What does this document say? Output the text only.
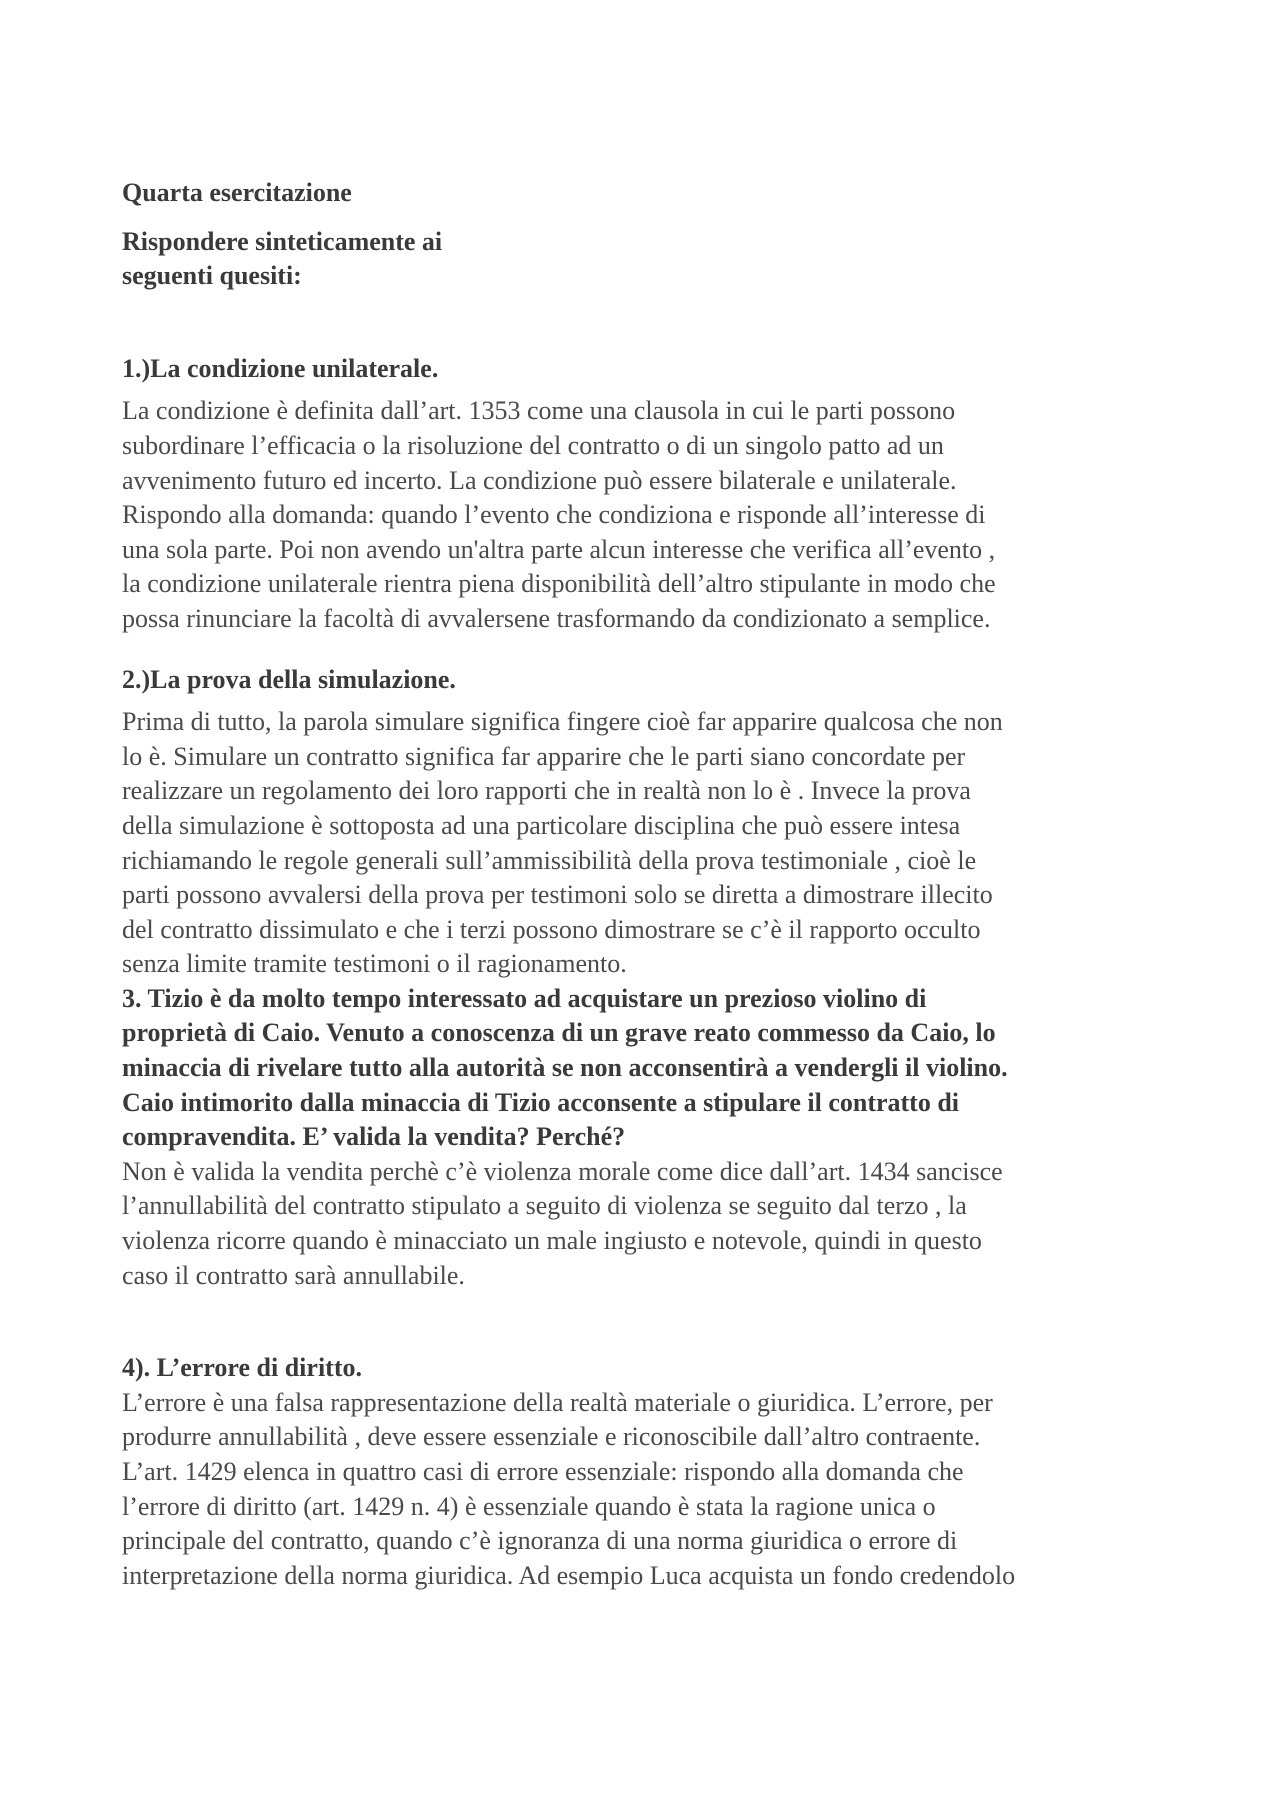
Quarta esercitazione
Rispondere sinteticamente ai
seguenti quesiti:
1.)La condizione unilaterale.
La condizione è definita dall’art. 1353 come una clausola in cui le parti possono
subordinare l’efficacia o la risoluzione del contratto o di un singolo patto ad un
avvenimento futuro ed incerto. La condizione può essere bilaterale e unilaterale.
Rispondo alla domanda: quando l’evento che condiziona e risponde all’interesse di
una sola parte. Poi non avendo un'altra parte alcun interesse che verifica all’evento ,
la condizione unilaterale rientra piena disponibilità dell’altro stipulante in modo che
possa rinunciare la facoltà di avvalersene trasformando da condizionato a semplice.
2.)La prova della simulazione.
Prima di tutto, la parola simulare significa fingere cioè far apparire qualcosa che non
lo è. Simulare un contratto significa far apparire che le parti siano concordate per
realizzare un regolamento dei loro rapporti che in realtà non lo è . Invece la prova
della simulazione è sottoposta ad una particolare disciplina che può essere intesa
richiamando le regole generali sull’ammissibilità della prova testimoniale , cioè le
parti possono avvalersi della prova per testimoni solo se diretta a dimostrare illecito
del contratto dissimulato e che i terzi possono dimostrare se c’è il rapporto occulto
senza limite tramite testimoni o il ragionamento.
3. Tizio è da molto tempo interessato ad acquistare un prezioso violino di
proprietà di Caio. Venuto a conoscenza di un grave reato commesso da Caio, lo
minaccia di rivelare tutto alla autorità se non acconsentirà a vendergli il violino.
Caio intimorito dalla minaccia di Tizio acconsente a stipulare il contratto di
compravendita. E’ valida la vendita? Perché?
Non è valida la vendita perchè c’è violenza morale come dice dall’art. 1434 sancisce
l’annullabilità del contratto stipulato a seguito di violenza se seguito dal terzo , la
violenza ricorre quando è minacciato un male ingiusto e notevole, quindi in questo
caso il contratto sarà annullabile.
4). L’errore di diritto.
L’errore è una falsa rappresentazione della realtà materiale o giuridica. L’errore, per
produrre annullabilità , deve essere essenziale e riconoscibile dall’altro contraente.
L’art. 1429 elenca in quattro casi di errore essenziale: rispondo alla domanda che
l’errore di diritto (art. 1429 n. 4) è essenziale quando è stata la ragione unica o
principale del contratto, quando c’è ignoranza di una norma giuridica o errore di
interpretazione della norma giuridica. Ad esempio Luca acquista un fondo credendolo
